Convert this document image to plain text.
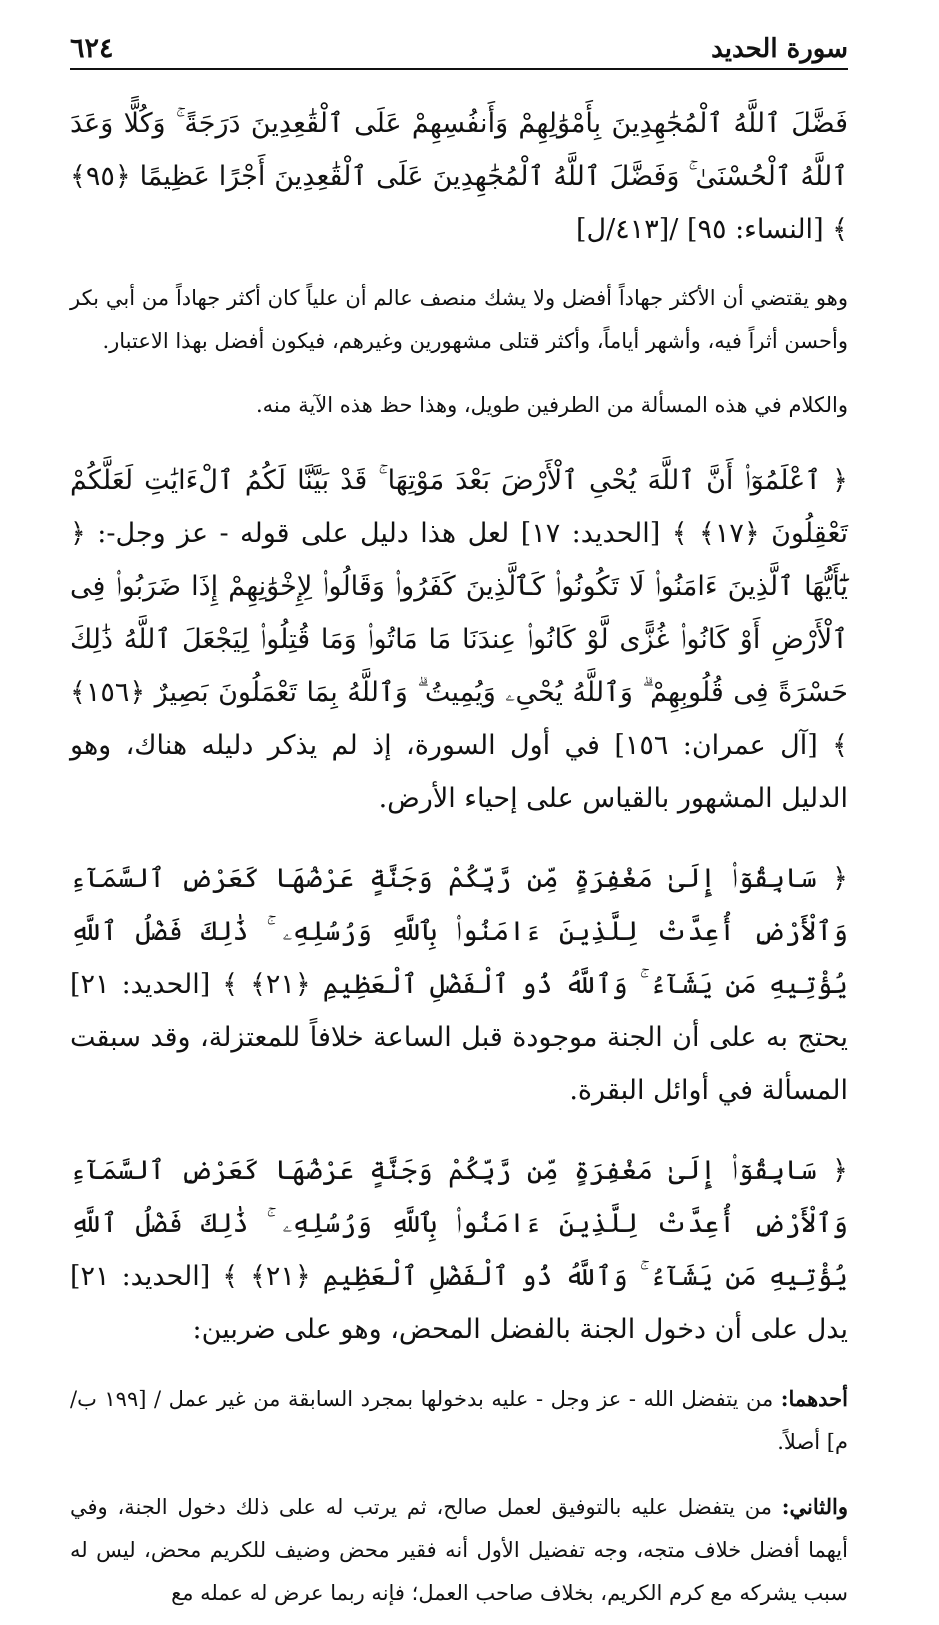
سورة الحديد
٦٢٤

فَضَّلَ ٱللَّهُ ٱلْمُجَٰهِدِينَ بِأَمْوَٰلِهِمْ وَأَنفُسِهِمْ عَلَى ٱلْقَٰعِدِينَ دَرَجَةً ۚ وَكُلًّا وَعَدَ ٱللَّهُ ٱلْحُسْنَىٰ ۚ وَفَضَّلَ ٱللَّهُ ٱلْمُجَٰهِدِينَ عَلَى ٱلْقَٰعِدِينَ أَجْرًا عَظِيمًا ﴿٩٥﴾ ﴾ [النساء: ٩٥] /[٤١٣/ل]

وهو يقتضي أن الأكثر جهاداً أفضل ولا يشك منصف عالم أن علياً كان أكثر جهاداً من أبي بكر وأحسن أثراً فيه، وأشهر أياماً، وأكثر قتلى مشهورين وغيرهم، فيكون أفضل بهذا الاعتبار.

والكلام في هذه المسألة من الطرفين طويل، وهذا حظ هذه الآية منه.

﴿ ٱعْلَمُوٓا۟ أَنَّ ٱللَّهَ يُحْىِ ٱلْأَرْضَ بَعْدَ مَوْتِهَا ۚ قَدْ بَيَّنَّا لَكُمُ ٱلْءَايَٰتِ لَعَلَّكُمْ تَعْقِلُونَ ﴿١٧﴾ ﴾ [الحديد: ١٧] لعل هذا دليل على قوله - عز وجل-: ﴿ يَٰٓأَيُّهَا ٱلَّذِينَ ءَامَنُوا۟ لَا تَكُونُوا۟ كَٱلَّذِينَ كَفَرُوا۟ وَقَالُوا۟ لِإِخْوَٰنِهِمْ إِذَا ضَرَبُوا۟ فِى ٱلْأَرْضِ أَوْ كَانُوا۟ غُزًّى لَّوْ كَانُوا۟ عِندَنَا مَا مَاتُوا۟ وَمَا قُتِلُوا۟ لِيَجْعَلَ ٱللَّهُ ذَٰلِكَ حَسْرَةً فِى قُلُوبِهِمْ ۗ وَٱللَّهُ يُحْىِۦ وَيُمِيتُ ۗ وَٱللَّهُ بِمَا تَعْمَلُونَ بَصِيرٌ ﴿١٥٦﴾ ﴾ [آل عمران: ١٥٦] في أول السورة، إذ لم يذكر دليله هناك، وهو الدليل المشهور بالقياس على إحياء الأرض.

﴿ سَابِقُوٓا۟ إِلَىٰ مَغْفِرَةٍ مِّن رَّبِّكُمْ وَجَنَّةٍ عَرْضُهَا كَعَرْضِ ٱلسَّمَآءِ وَٱلْأَرْضِ أُعِدَّتْ لِلَّذِينَ ءَامَنُوا۟ بِٱللَّهِ وَرُسُلِهِۦ ۚ ذَٰلِكَ فَضْلُ ٱللَّهِ يُؤْتِيهِ مَن يَشَآءُ ۚ وَٱللَّهُ ذُو ٱلْفَضْلِ ٱلْعَظِيمِ ﴿٢١﴾ ﴾ [الحديد: ٢١] يحتج به على أن الجنة موجودة قبل الساعة خلافاً للمعتزلة، وقد سبقت المسألة في أوائل البقرة.

﴿ سَابِقُوٓا۟ إِلَىٰ مَغْفِرَةٍ مِّن رَّبِّكُمْ وَجَنَّةٍ عَرْضُهَا كَعَرْضِ ٱلسَّمَآءِ وَٱلْأَرْضِ أُعِدَّتْ لِلَّذِينَ ءَامَنُوا۟ بِٱللَّهِ وَرُسُلِهِۦ ۚ ذَٰلِكَ فَضْلُ ٱللَّهِ يُؤْتِيهِ مَن يَشَآءُ ۚ وَٱللَّهُ ذُو ٱلْفَضْلِ ٱلْعَظِيمِ ﴿٢١﴾ ﴾ [الحديد: ٢١] يدل على أن دخول الجنة بالفضل المحض، وهو على ضربين:

أحدهما: من يتفضل الله - عز وجل - عليه بدخولها بمجرد السابقة من غير عمل / [١٩٩ ب/م] أصلاً.

والثاني: من يتفضل عليه بالتوفيق لعمل صالح، ثم يرتب له على ذلك دخول الجنة، وفي أيهما أفضل خلاف متجه، وجه تفضيل الأول أنه فقير محض وضيف للكريم محض، ليس له سبب يشركه مع كرم الكريم، بخلاف صاحب العمل؛ فإنه ربما عرض له عمله مع
